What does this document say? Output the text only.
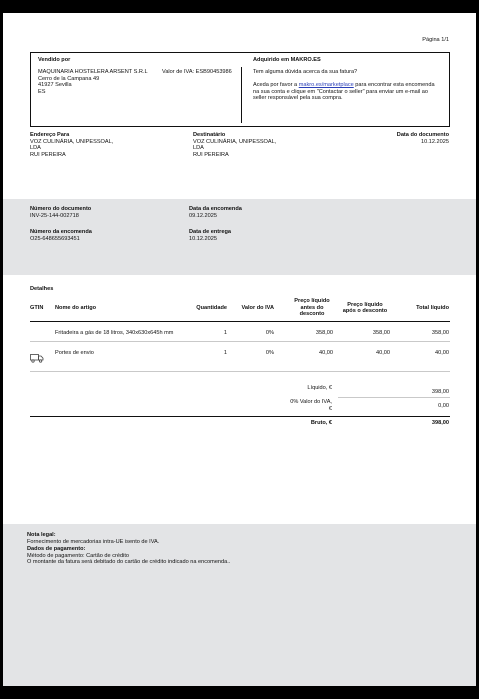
Página 1/1
Vendido por
MAQUINARIA HOSTELERA ARSENT S.R.L
Cerro de la Campana 49
41927 Sevilla
ES
Valor de IVA: ESB90453986
Adquirido em MAKRO.ES
Tem alguma dúvida acerca da sua fatura?
Aceda por favor a makro.es/marketplace para encontrar esta encomenda
na sua conta e clique em "Contactar o seller" para enviar um e-mail ao
seller responsável pela sua compra.
Endereço Para
VOZ CULINÁRIA, UNIPESSOAL,
LDA
RUI PEREIRA
Destinatário
VOZ CULINÁRIA, UNIPESSOAL,
LDA
RUI PEREIRA
Data do documento
10.12.2025
Número do documento
INV-25-144-002718
Número da encomenda
O25-648655693451
Data da encomenda
09.12.2025
Data de entrega
10.12.2025
Detalhes
GTIN Nome do artigo	Quantidade	Valor do IVA
Preço líquido
antes do
desconto
Preço líquido
após o desconto	Total líquido
Fritadeira a gás de 18 litros, 340x630x645h mm	1	0%	358,00	358,00	358,00
Portes de envio	1	0%	40,00	40,00	40,00
Líquido, €
398,00
0% Valor do IVA,
€	0,00
Bruto, €	398,00
Nota legal:
Fornecimento de mercadorias intra-UE isento de IVA.
Dados de pagamento:
Método de pagamento: Cartão de crédito
O montante da fatura será debitado do cartão de crédito indicado na encomenda..
